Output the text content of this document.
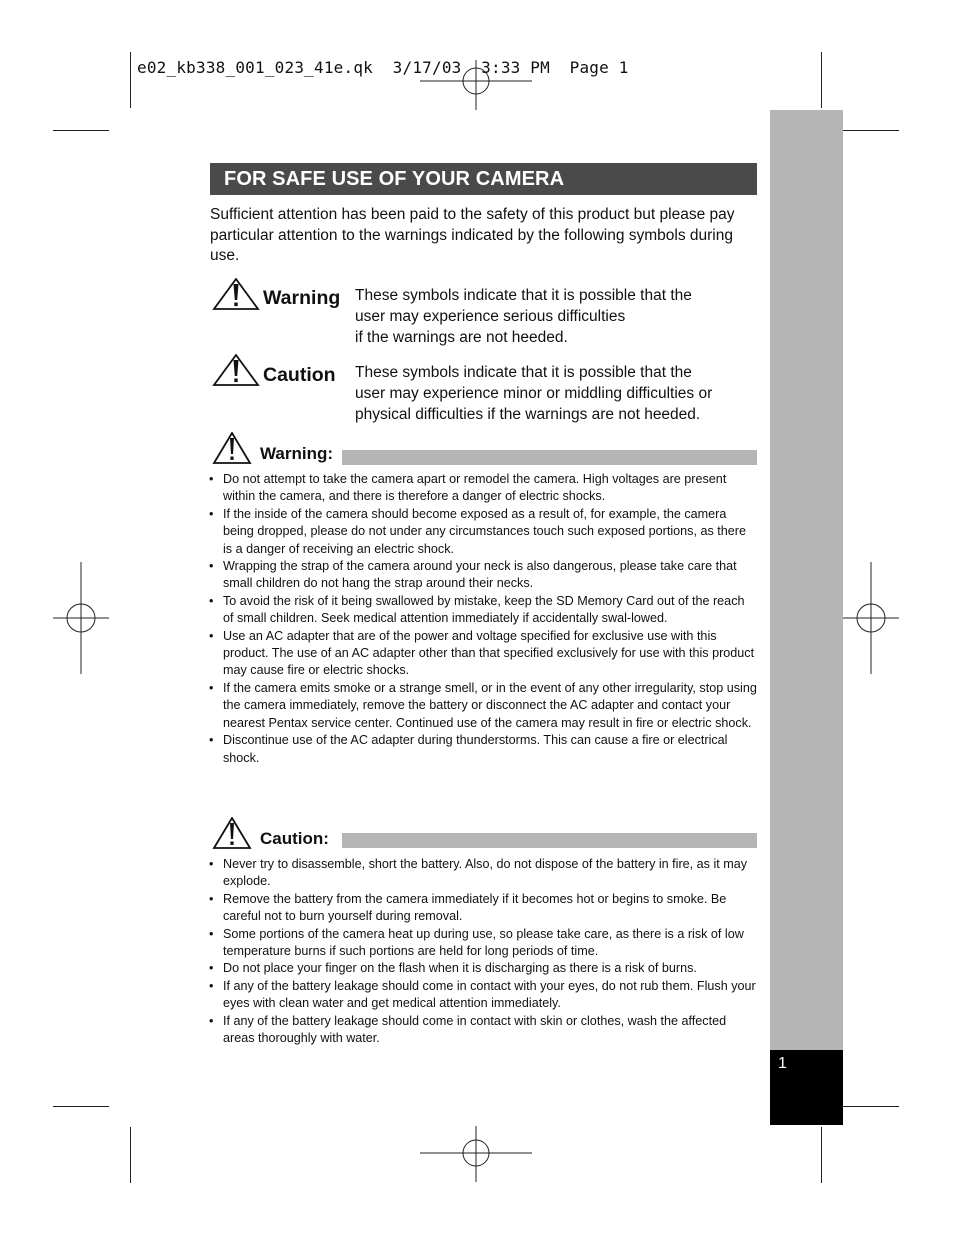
e02_kb338_001_023_41e.qk  3/17/03  3:33 PM  Page 1
1
FOR SAFE USE OF YOUR CAMERA
Sufficient attention has been paid to the safety of this product but please pay particular attention to the warnings indicated by the following symbols during use.
Warning These symbols indicate that it is possible that the
user may experience serious difficulties
if the warnings are not heeded.
Caution These symbols indicate that it is possible that the
user may experience minor or middling difficulties or
physical difficulties if the warnings are not heeded.
Warning:
• Do not attempt to take the camera apart or remodel the camera. High voltages are present within the camera, and there is therefore a danger of electric shocks.
• If the inside of the camera should become exposed as a result of, for example, the camera being dropped, please do not under any circumstances touch such exposed portions, as there is a danger of receiving an electric shock.
• Wrapping the strap of the camera around your neck is also dangerous, please take care that small children do not hang the strap around their necks.
• To avoid the risk of it being swallowed by mistake, keep the SD Memory Card out of the reach of small children. Seek medical attention immediately if accidentally swal-lowed.
• Use an AC adapter that are of the power and voltage specified for exclusive use with this product. The use of an AC adapter other than that specified exclusively for use with this product may cause fire or electric shocks.
• If the camera emits smoke or a strange smell, or in the event of any other irregularity, stop using the camera immediately, remove the battery or disconnect the AC adapter and contact your nearest Pentax service center. Continued use of the camera may result in fire or electric shock.
• Discontinue use of the AC adapter during thunderstorms. This can cause a fire or electrical shock.
Caution:
• Never try to disassemble, short the battery. Also, do not dispose of the battery in fire, as it may explode.
• Remove the battery from the camera immediately if it becomes hot or begins to smoke. Be careful not to burn yourself during removal.
• Some portions of the camera heat up during use, so please take care, as there is a risk of low temperature burns if such portions are held for long periods of time.
• Do not place your finger on the flash when it is discharging as there is a risk of burns.
• If any of the battery leakage should come in contact with your eyes, do not rub them. Flush your eyes with clean water and get medical attention immediately.
• If any of the battery leakage should come in contact with skin or clothes, wash the affected areas thoroughly with water.
